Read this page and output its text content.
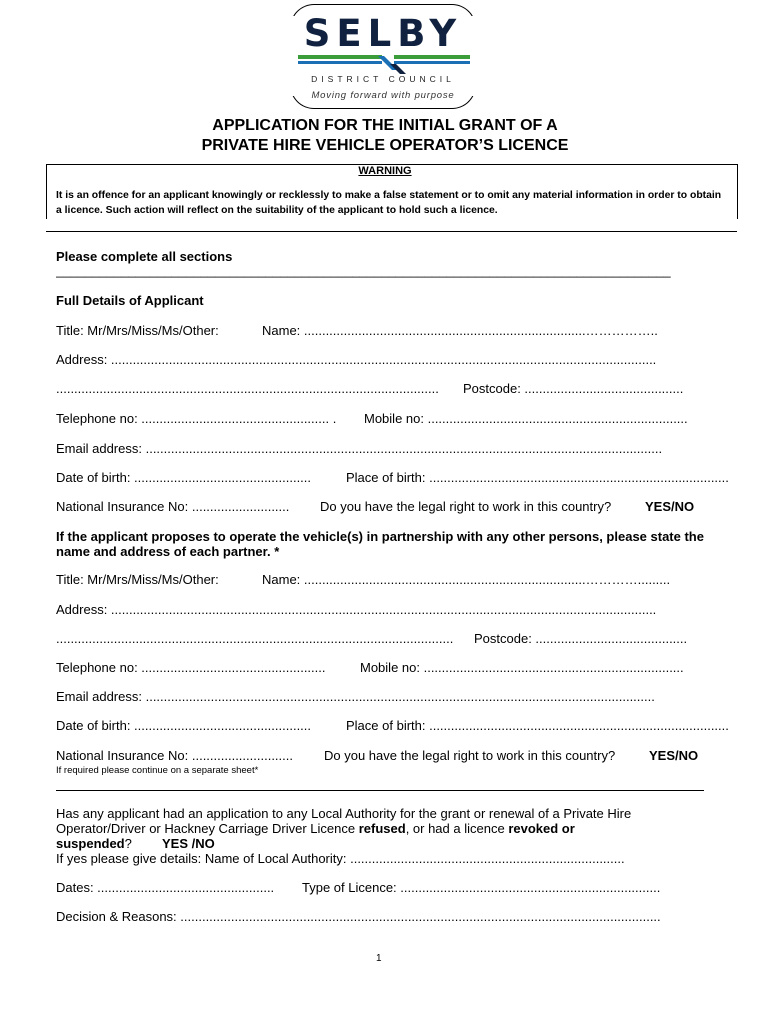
SELBY
DISTRICT COUNCIL
Moving forward with purpose
APPLICATION FOR THE INITIAL GRANT OF A
PRIVATE HIRE VEHICLE OPERATOR’S LICENCE
WARNING
It is an offence for an applicant knowingly or recklessly to make a false statement or to omit any material information in order to obtain a licence. Such action will reflect on the suitability of the applicant to hold such a licence.
Please complete all sections
_____________________________________________________________________________________
Full Details of Applicant
Title: Mr/Mrs/Miss/Ms/Other:	Name: ..............................................................................……………..
Address: .......................................................................................................................................................
.......................................................................................................... Postcode: ............................................
Telephone no: .................................................... . Mobile no: ........................................................................
Email address: ...............................................................................................................................................
Date of birth: .................................................	Place of birth: ...................................................................................
National Insurance No: ........................... Do you have the legal right to work in this country?	YES/NO
If the applicant proposes to operate the vehicle(s) in partnership with any other persons, please state the name and address of each partner. *
Title: Mr/Mrs/Miss/Ms/Other:	Name: ..............................................................................………….........
Address: .......................................................................................................................................................
.............................................................................................................. Postcode: ..........................................
Telephone no: ...................................................	Mobile no: ........................................................................
Email address: .............................................................................................................................................
Date of birth: .................................................	Place of birth: ...................................................................................
National Insurance No: ............................ Do you have the legal right to work in this country?	YES/NO
If required please continue on a separate sheet*
Has any applicant had an application to any Local Authority for the grant or renewal of a Private Hire
Operator/Driver or Hackney Carriage Driver Licence refused, or had a licence revoked or
suspended? YES /NO
If yes please give details: Name of Local Authority: ............................................................................
Dates: ................................................. Type of Licence: ........................................................................
Decision & Reasons: .....................................................................................................................................
1
